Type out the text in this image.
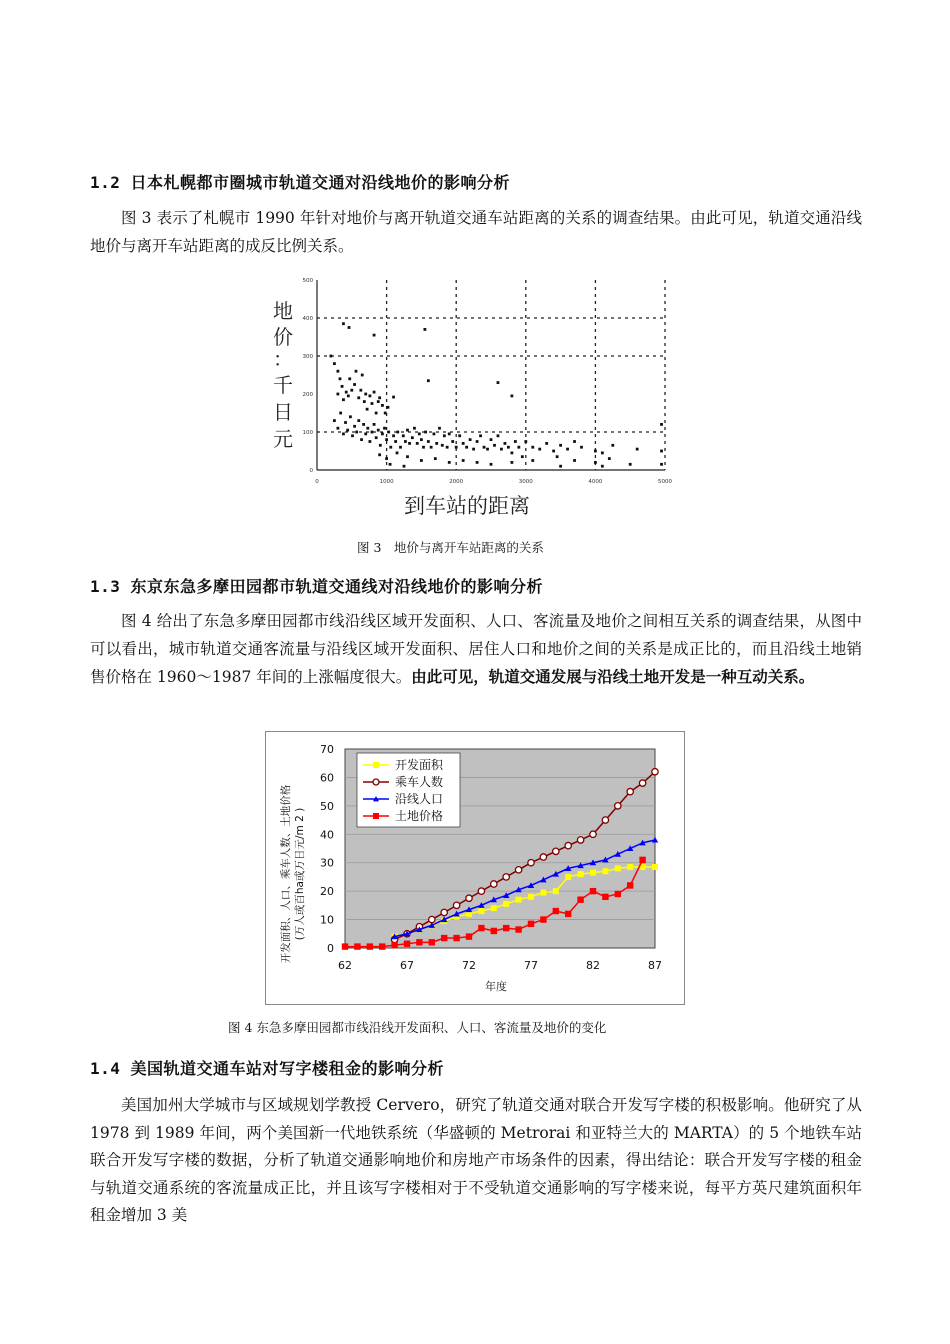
1.2 日本札幌都市圈城市轨道交通对沿线地价的影响分析
图 3 表示了札幌市 1990 年针对地价与离开轨道交通车站距离的关系的调查结果。由此可见，轨道交通沿线地价与离开车站距离的成反比例关系。
地
价
：
千
日
元
500
400
300
200
100
0
0	1000	2000	3000	4000	5000
到车站的距离
图 3　地价与离开车站距离的关系
1.3 东京东急多摩田园都市轨道交通线对沿线地价的影响分析
图 4 给出了东急多摩田园都市线沿线区域开发面积、人口、客流量及地价之间相互关系的调查结果，从图中可以看出，城市轨道交通客流量与沿线区域开发面积、居住人口和地价之间的关系是成正比的，而且沿线土地销售价格在 1960～1987 年间的上涨幅度很大。由此可见，轨道交通发展与沿线土地开发是一种互动关系。
70
60
50
40
30
20
10
0
62	67	72	77	82	87
开发面积
乘车人数
沿线人口
土地价格
开发面积、人口、乘车人数、土地价格 (万人或百ha或万日元/m 2 )
年度
图 4 东急多摩田园都市线沿线开发面积、人口、客流量及地价的变化
1.4 美国轨道交通车站对写字楼租金的影响分析
美国加州大学城市与区域规划学教授 Cervero，研究了轨道交通对联合开发写字楼的积极影响。他研究了从 1978 到 1989 年间，两个美国新一代地铁系统（华盛顿的 Metrorai 和亚特兰大的 MARTA）的 5 个地铁车站联合开发写字楼的数据，分析了轨道交通影响地价和房地产市场条件的因素，得出结论：联合开发写字楼的租金与轨道交通系统的客流量成正比，并且该写字楼相对于不受轨道交通影响的写字楼来说，每平方英尺建筑面积年租金增加 3 美
